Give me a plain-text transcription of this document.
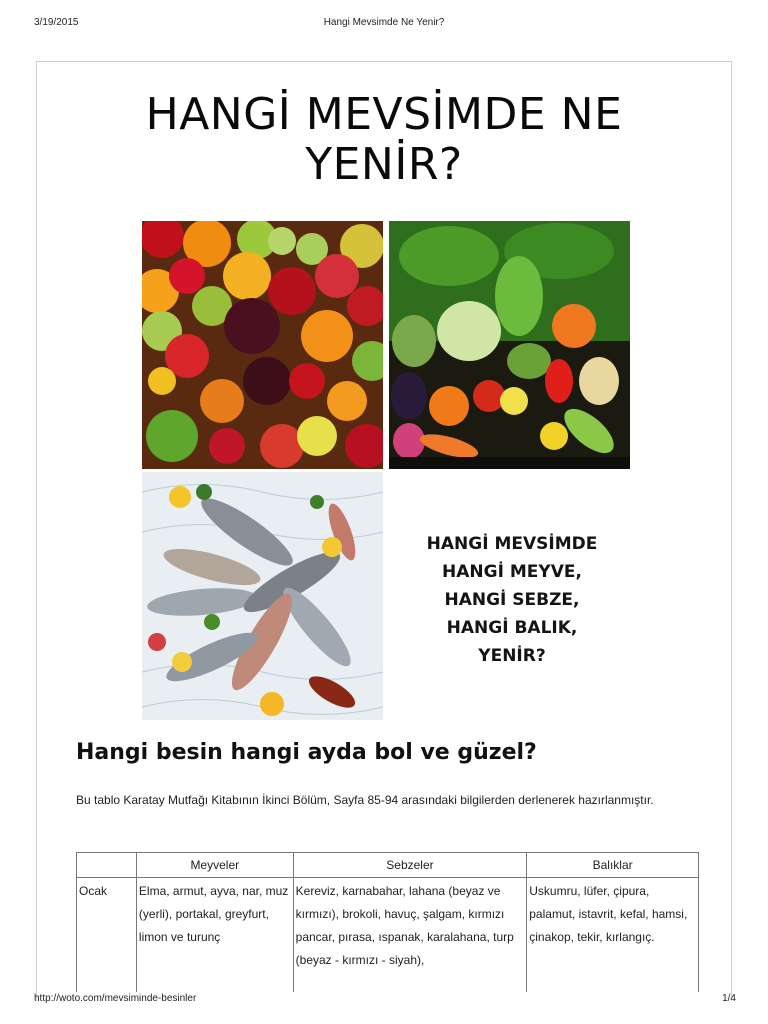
3/19/2015	Hangi Mevsimde Ne Yenir?
HANGİ MEVSİMDE NE
YENİR?
HANGİ MEVSİMDE
HANGİ MEYVE,
HANGİ SEBZE,
HANGİ BALIK,
YENİR?
Hangi besin hangi ayda bol ve güzel?
Bu tablo Karatay Mutfağı Kitabının İkinci Bölüm, Sayfa 85-94 arasındaki bilgilerden derlenerek hazırlanmıştır.
	Meyveler	Sebzeler	Balıklar
Ocak	Elma, armut, ayva, nar, muz (yerli), portakal, greyfurt, limon ve turunç	Kereviz, karnabahar, lahana (beyaz ve kırmızı), brokoli, havuç, şalgam, kırmızı pancar, pırasa, ıspanak, karalahana, turp (beyaz - kırmızı - siyah),	Uskumru, lüfer, çipura, palamut, istavrit, kefal, hamsi, çinakop, tekir, kırlangıç.
http://woto.com/mevsiminde-besinler	1/4
